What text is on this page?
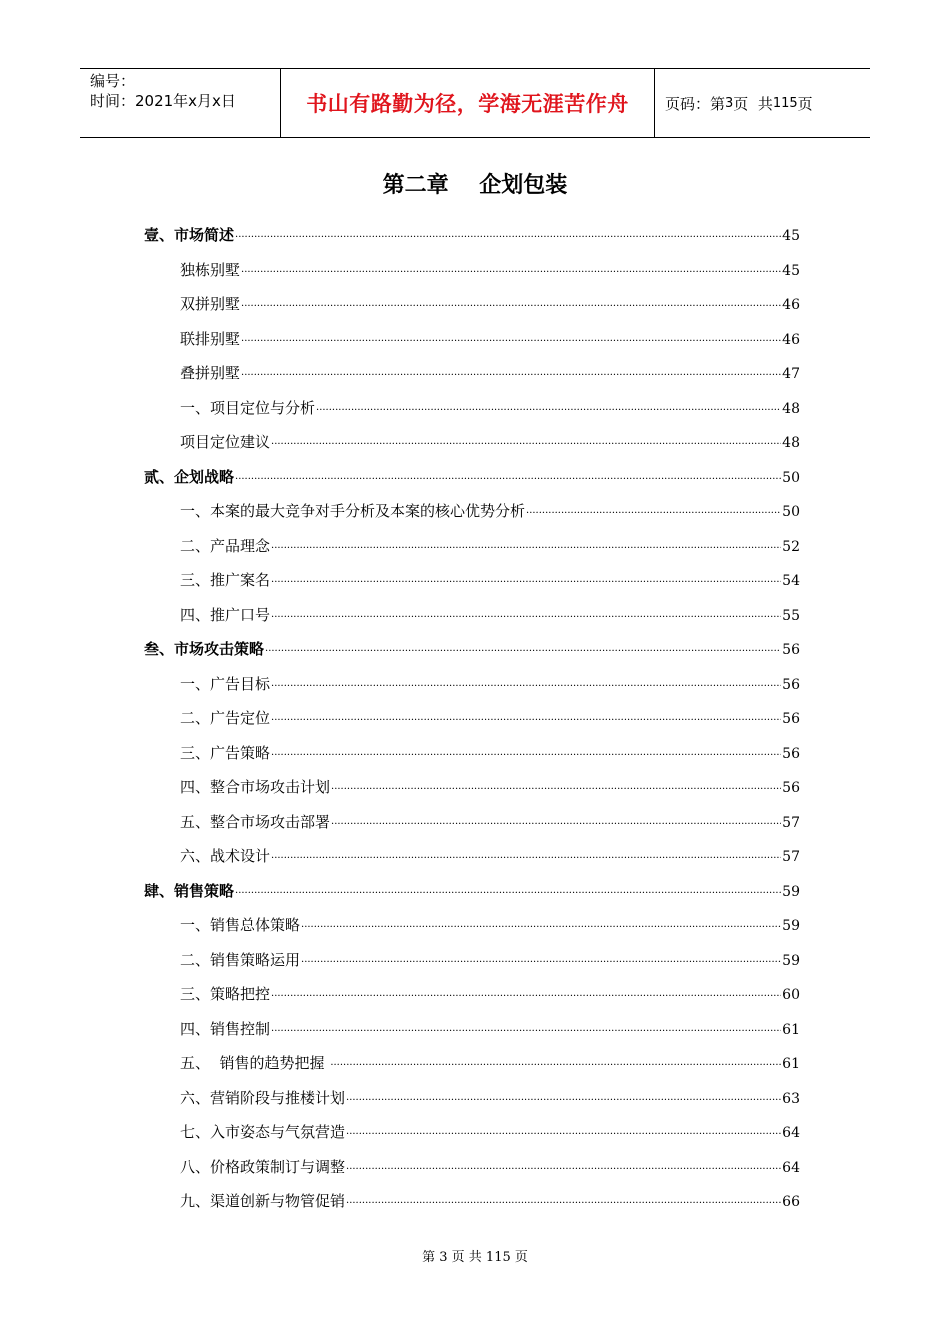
编号：
时间：2021年x月x日	书山有路勤为径，学海无涯苦作舟	页码：第 3 页  共 115 页
第二章    企划包装
壹、市场简述 ·····	45
独栋别墅 ·····	45
双拼别墅 ·····	46
联排别墅 ·····	46
叠拼别墅 ·····	47
一、项目定位与分析 ·····	48
项目定位建议 ·····	48
贰、企划战略 ·····	50
一、本案的最大竞争对手分析及本案的核心优势分析 ·····	50
二、产品理念 ·····	52
三、推广案名 ·····	54
四、推广口号 ·····	55
叁、市场攻击策略 ·····	56
一、广告目标 ·····	56
二、广告定位 ·····	56
三、广告策略 ·····	56
四、整合市场攻击计划 ·····	56
五、整合市场攻击部署 ·····	57
六、战术设计 ·····	57
肆、销售策略 ·····	59
一、销售总体策略 ·····	59
二、销售策略运用 ·····	59
三、策略把控 ·····	60
四、销售控制 ·····	61
五、  销售的趋势把握 ·····	61
六、营销阶段与推楼计划 ·····	63
七、入市姿态与气氛营造 ·····	64
八、价格政策制订与调整 ·····	64
九、渠道创新与物管促销 ·····	66
第 3 页 共 115 页
